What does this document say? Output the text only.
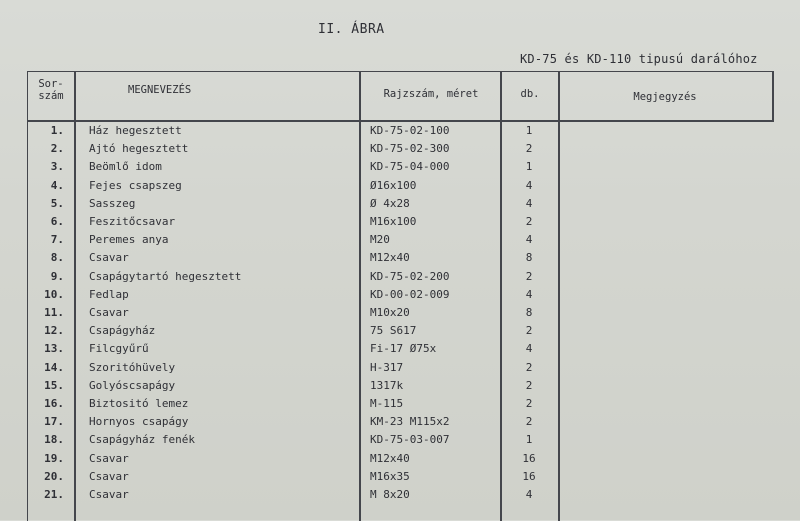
II. ÁBRA
KD-75 és KD-110 tipusú darálóhoz
Sor-
szám	MEGNEVEZÉS	Rajzszám, méret	db.	Megjegyzés
1. Ház hegesztett	KD-75-02-100	1
2. Ajtó hegesztett	KD-75-02-300	2
3. Beömlő idom	KD-75-04-000	1
4. Fejes csapszeg	Ø16x100	4
5. Sasszeg	Ø 4x28	4
6. Feszitőcsavar	M16x100	2
7. Peremes anya	M20	4
8. Csavar	M12x40	8
9. Csapágytartó hegesztett	KD-75-02-200	2
10. Fedlap	KD-00-02-009	4
11. Csavar	M10x20	8
12. Csapágyház	75 S617	2
13. Filcgyűrű	Fi-17 Ø75x	4
14. Szoritóhüvely	H-317	2
15. Golyóscsapágy	1317k	2
16. Biztositó lemez	M-115	2
17. Hornyos csapágy	KM-23 M115x2	2
18. Csapágyház fenék	KD-75-03-007	1
19. Csavar	M12x40	16
20. Csavar	M16x35	16
21. Csavar	M 8x20	4
